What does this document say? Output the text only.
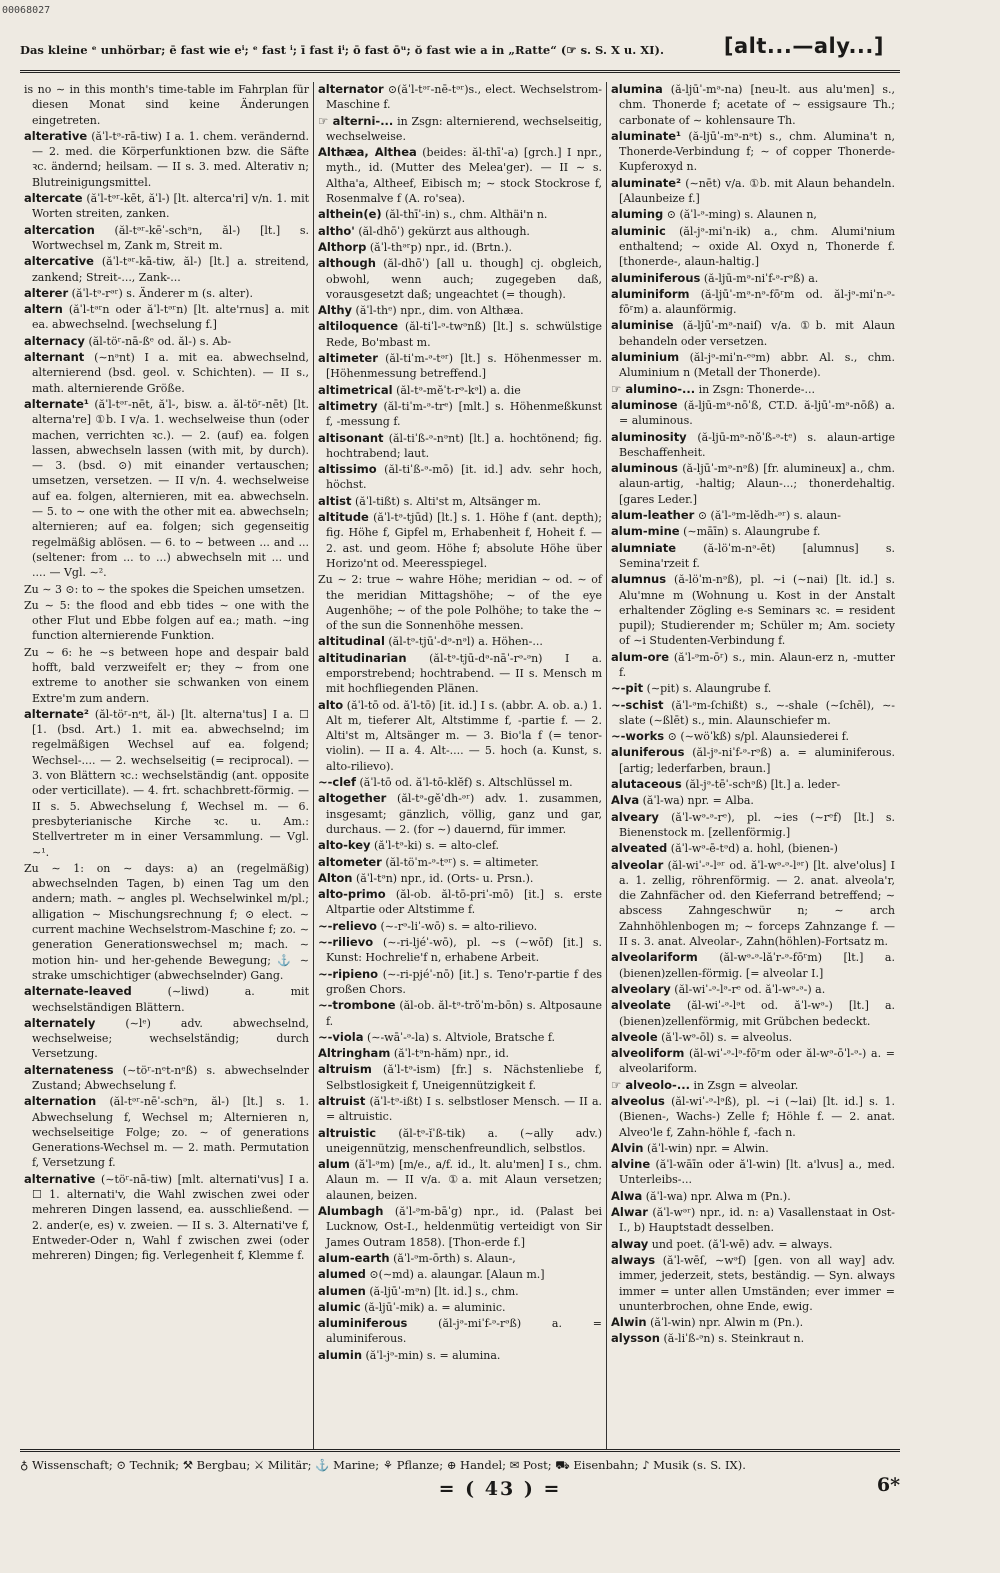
00068027
Das kleine ᵉ unhörbar; ē fast wie eⁱ; ᵉ fast ⁱ; ī fast iⁱ; ō fast ōᵘ; ŏ fast wie a in „Ratte“ (☞ s. S. X u. XI).	[alt...—aly...]
is no ∼ in this month's time-table im Fahrplan für diesen Monat sind keine Änderungen eingetreten.
alterative (ăˈl-tᵊ-rā-tiw) I a. 1. chem. verändernd. — 2. med. die Körperfunktionen bzw. die Säfte ꝛc. ändernd; heilsam. — II s. 3. med. Alterativ n; Blutreinigungsmittel.
altercate (ăˈl-tᵊʳ-kēt, ăˈl-) [lt. alterca'ri] v/n. 1. mit Worten streiten, zanken.
altercation (ăl-tᵊʳ-kēˈ-schᵊn, ăl-) [lt.] s. Wortwechsel m, Zank m, Streit m.
altercative (ăˈl-tᵊʳ-kā-tiw, ăl-) [lt.] a. streitend, zankend; Streit-..., Zank-...
alterer (ăˈl-tᵊ-rᵊʳ) s. Änderer m (s. alter).
altern (ăˈl-tᵊʳn oder ăˈl-tᵊʳn) [lt. alte'rnus] a. mit ea. abwechselnd. [wechselung f.]
alternacy (ăl-töʳ-nā-ßᵉ od. ăl-) s. Ab-
alternant (∼nᵊnt) I a. mit ea. abwechselnd, alternierend (bsd. geol. v. Schichten). — II s., math. alternierende Größe.
alternate¹ (ăˈl-tᵊʳ-nēt, ăˈl-, bisw. a. ăl-töʳ-nēt) [lt. alterna're] ①b. I v/a. 1. wechselweise thun (oder machen, verrichten ꝛc.). — 2. (auf) ea. folgen lassen, abwechseln lassen (with mit, by durch). — 3. (bsd. ⊙) mit einander vertauschen; umsetzen, versetzen. — II v/n. 4. wechselweise auf ea. folgen, alternieren, mit ea. abwechseln. — 5. to ∼ one with the other mit ea. abwechseln; alternieren; auf ea. folgen; sich gegenseitig regelmäßig ablösen. — 6. to ∼ between ... and ... (seltener: from ... to ...) abwechseln mit ... und .... — Vgl. ∼².
Zu ∼ 3 ⊙: to ∼ the spokes die Speichen umsetzen.
Zu ∼ 5: the flood and ebb tides ∼ one with the other Flut und Ebbe folgen auf ea.; math. ∼ing function alternierende Funktion.
Zu ∼ 6: he ∼s between hope and despair bald hofft, bald verzweifelt er; they ∼ from one extreme to another sie schwanken von einem Extre'm zum andern.
alternate² (ăl-töʳ-nᵉt, ăl-) [lt. alterna'tus] I a. ☐ [1. (bsd. Art.) 1. mit ea. abwechselnd; im regelmäßigen Wechsel auf ea. folgend; Wechsel-.... — 2. wechselseitig (= reciprocal). — 3. von Blättern ꝛc.: wechselständig (ant. opposite oder verticillate). — 4. frt. schachbrett-förmig. — II s. 5. Abwechselung f, Wechsel m. — 6. presbyterianische Kirche ꝛc. u. Am.: Stellvertreter m in einer Versammlung. — Vgl. ∼¹.
Zu ∼ 1: on ∼ days: a) an (regelmäßig) abwechselnden Tagen, b) einen Tag um den andern; math. ∼ angles pl. Wechselwinkel m/pl.; alligation ∼ Mischungsrechnung f; ⊙ elect. ∼ current machine Wechselstrom-Maschine f; zo. ∼ generation Generationswechsel m; mach. ∼ motion hin- und her-gehende Bewegung; ⚓ ∼ strake umschichtiger (abwechselnder) Gang.
alternate-leaved	(∼liwd) a. mit wechselständigen Blättern.
alternately	(∼lᵉ) adv. abwechselnd, wechselweise; wechselständig; durch Versetzung.
alternateness (∼töʳ-nᵉt-nᵉß) s. abwechselnder Zustand; Abwechselung f.
alternation (ăl-tᵊʳ-nēˈ-schᵊn, ăl-) [lt.] s. 1. Abwechselung f, Wechsel m; Alternieren n, wechselseitige Folge; zo. ∼ of generations Generations-Wechsel m. — 2. math. Permutation f, Versetzung f.
alternative (∼töʳ-nā-tiw) [mlt. alternati'vus] I a. ☐ 1. alternati'v, die Wahl zwischen zwei oder mehreren Dingen lassend, ea. ausschließend. — 2. ander(e, es) v. zweien. — II s. 3. Alternati've f, Entweder-Oder n, Wahl f zwischen zwei (oder mehreren) Dingen; fig. Verlegenheit f, Klemme f.
alternator ⊙(ăˈl-tᵊʳ-nē-tᵊʳ)s., elect. Wechselstrom-Maschine f.
☞ alterni-... in Zsgn: alternierend, wechselseitig, wechselweise.
Althæa, Althea (beides: ăl-thīˈ-a) [grch.] I npr., myth., id. (Mutter des Melea'ger). — II ∼ s. Altha'a, Altheef, Eibisch m; ∼ stock Stockrose f, Rosenmalve f (A. ro'sea).
althein(e) (ăl-thīˈ-in) s., chm. Althäi'n n.
altho' (ăl-dhōˈ) gekürzt aus although.
Althorp (ăˈl-thᵊʳp) npr., id. (Brtn.).
although (ăl-dhōˈ) [all u. though] cj. obgleich, obwohl, wenn auch; zugegeben daß, vorausgesetzt daß; ungeachtet (= though).
Althy (ăˈl-thᵉ) npr., dim. von Althæa.
altiloquence (ăl-tiˈl-ᵊ-twᵊnß) [lt.] s. schwülstige Rede, Bo'mbast m.
altimeter (ăl-tiˈm-ᵊ-tᵊʳ) [lt.] s. Höhenmesser m. [Höhenmessung betreffend.]
altimetrical (ăl-tᵊ-mĕˈt-rᵊ-kᵊl) a. die
altimetry (ăl-tiˈm-ᵊ-trᵉ) [mlt.] s. Höhenmeßkunst f, -messung f.
altisonant (ăl-tiˈß-ᵊ-nᵊnt) [lt.] a. hochtönend; fig. hochtrabend; laut.
altissimo (ăl-tiˈß-ᵊ-mō) [it. id.] adv. sehr hoch, höchst.
altist (ăˈl-tißt) s. Alti'st m, Altsänger m.
altitude (ăˈl-tᵊ-tjūd) [lt.] s. 1. Höhe f (ant. depth); fig. Höhe f, Gipfel m, Erhabenheit f, Hoheit f. — 2. ast. und geom. Höhe f; absolute Höhe über Horizo'nt od. Meeresspiegel.
Zu ∼ 2: true ∼ wahre Höhe; meridian ∼ od. ∼ of the meridian Mittagshöhe; ∼ of the eye Augenhöhe; ∼ of the pole Polhöhe; to take the ∼ of the sun die Sonnenhöhe messen.
altitudinal (ăl-tᵊ-tjūˈ-dᵊ-nᵊl) a. Höhen-...
altitudinarian (ăl-tᵊ-tjū-dᵊ-nāˈ-rᵊ-ᵊn) I a. emporstrebend; hochtrabend. — II s. Mensch m mit hochfliegenden Plänen.
alto (ăˈl-tō od. ăˈl-tō) [it. id.] I s. (abbr. A. ob. a.) 1. Alt m, tieferer Alt, Altstimme f, -partie f. — 2. Alti'st m, Altsänger m. — 3. Bio'la f (= tenor-violin). — II a. 4. Alt-.... — 5. hoch (a. Kunst, s. alto-rilievo).
∼-clef (ăˈl-tō od. ăˈl-tō-klĕf) s. Altschlüssel m.
altogether (ăl-tᵊ-gĕˈdh-ᵊʳ) adv. 1. zusammen, insgesamt; gänzlich, völlig, ganz und gar, durchaus. — 2. (for ∼) dauernd, für immer.
alto-key (ăˈl-tᵊ-ki) s. = alto-clef.
altometer (ăl-töˈm-ᵊ-tᵊʳ) s. = altimeter.
Alton (ăˈl-tᵊn) npr., id. (Orts- u. Prsn.).
alto-primo (ăl-ob. ăl-tō-priˈ-mō) [it.] s. erste Altpartie oder Altstimme f.
∼-relievo (∼-rᵊ-liˈ-wō) s. = alto-rilievo.
∼-rilievo (∼-ri-ljéˈ-wō), pl. ∼s (∼wōf) [it.] s. Kunst: Hochrelie'f n, erhabene Arbeit.
∼-ripieno (∼-ri-pjéˈ-nō) [it.] s. Teno'r-partie f des großen Chors.
∼-trombone (ăl-ob. ăl-tᵊ-trŏˈm-bōn) s. Altposaune f.
∼-viola (∼-wāˈ-ᵊ-la) s. Altviole, Bratsche f.
Altringham (ăˈl-tᵊn-hăm) npr., id.
altruism (ăˈl-tᵊ-ism) [fr.] s. Nächstenliebe f, Selbstlosigkeit f, Uneigennützigkeit f.
altruist (ăˈl-tᵊ-ißt) I s. selbstloser Mensch. — II a. = altruistic.
altruistic (ăl-tᵊ-ĭˈß-tik) a. (∼ally adv.) uneigennützig, menschenfreundlich, selbstlos.
alum (ăˈl-ᵊm) [m/e., a/f. id., lt. alu'men] I s., chm. Alaun m. — II v/a. ①a. mit Alaun versetzen; alaunen, beizen.
Alumbagh (ăˈl-ᵊm-bāˈg) npr., id. (Palast bei Lucknow, Ost-I., heldenmütig verteidigt von Sir James Outram 1858). [Thon-erde f.]
alum-earth (ăˈl-ᵊm-ōrth) s. Alaun-,
alumed ⊙(∼md) a. alaungar. [Alaun m.]
alumen (ă-ljūˈ-mᵊn) [lt. id.] s., chm.
alumic (ă-ljūˈ-mik) a. = aluminic.
aluminiferous	(ăl-jᵊ-miˈf-ᵊ-rᵊß) a. = aluminiferous.
alumin (ăˈl-jᵊ-min) s. = alumina.
alumina (ă-ljūˈ-mᵊ-na) [neu-lt. aus alu'men] s., chm. Thonerde f; acetate of ∼ essigsaure Th.; carbonate of ∼ kohlensaure Th.
aluminate¹ (ă-ljūˈ-mᵊ-nᵊt) s., chm. Alumina't n, Thonerde-Verbindung f; ∼ of copper Thonerde-Kupferoxyd n.
aluminate² (∼nēt) v/a. ①b. mit Alaun behandeln. [Alaunbeize f.]
aluming ⊙ (ăˈl-ᵊ-ming) s. Alaunen n,
aluminic (ăl-jᵊ-miˈn-ik) a., chm. Alumi'nium enthaltend; ∼ oxide Al. Oxyd n, Thonerde f. [thonerde-, alaun-haltig.]
aluminiferous (ă-ljū-mᵊ-niˈf-ᵊ-rᵊß) a.
aluminiform (ă-ljūˈ-mᵊ-nᵊ-fōʳm od. ăl-jᵊ-miˈn-ᵊ-fōʳm) a. alaunförmig.
aluminise (ă-ljūˈ-mᵊ-naiſ) v/a. ①b. mit Alaun behandeln oder versetzen.
aluminium (ăl-jᵊ-miˈn-ᵉᵊm) abbr. Al. s., chm. Aluminium n (Metall der Thonerde).
☞ alumino-... in Zsgn: Thonerde-...
aluminose (ă-ljū-mᵊ-nōˈß, CT.D. ă-ljūˈ-mᵊ-nōß) a. = aluminous.
aluminosity (ă-ljū-mᵊ-nŏˈß-ᵊ-tᵉ) s. alaun-artige Beschaffenheit.
aluminous (ă-ljūˈ-mᵊ-nᵊß) [fr. alumineux] a., chm. alaun-artig, -haltig; Alaun-...; thonerdehaltig. [gares Leder.]
alum-leather ⊙ (ăˈl-ᵊm-lĕdh-ᵊʳ) s. alaun-
alum-mine (∼māīn) s. Alaungrube f.
alumniate (ă-löˈm-nᵊ-ēt) [alumnus] s. Semina'rzeit f.
alumnus (ă-löˈm-nᵊß), pl. ∼i (∼nai) [lt. id.] s. Alu'mne m (Wohnung u. Kost in der Anstalt erhaltender Zögling e-s Seminars ꝛc. = resident pupil); Studierender m; Schüler m; Am. society of ∼i Studenten-Verbindung f.
alum-ore (ăˈl-ᵊm-ōʳ) s., min. Alaun-erz n, -mutter f.
∼-pit (∼pit) s. Alaungrube f.
∼-schist (ăˈl-ᵊm-ſchißt) s., ∼-shale (∼ſchēl), ∼-slate (∼ßlēt) s., min. Alaunschiefer m.
∼-works ⊙ (∼wöˈkß) s/pl. Alaunsiederei f.
aluniferous (ăl-jᵊ-niˈf-ᵊ-rᵊß) a. = aluminiferous. [artig; lederfarben, braun.]
alutaceous (ăl-jᵊ-tēˈ-schᵊß) [lt.] a. leder-
Alva (ăˈl-wa) npr. = Alba.
alveary (ăˈl-wᵊ-ᵊ-rᵉ), pl. ∼ies (∼rᵉf) [lt.] s. Bienenstock m. [zellenförmig.]
alveated (ăˈl-wᵊ-ē-tᵊd) a. hohl, (bienen-)
alveolar (ăl-wiˈ-ᵊ-lᵊʳ od. ăˈl-wᵊ-ᵊ-lᵊʳ) [lt. alve'olus] I a. 1. zellig, röhrenförmig. — 2. anat. alveola'r, die Zahnfächer od. den Kieferrand betreffend; ∼ abscess Zahngeschwür n; ∼ arch Zahnhöhlenbogen m; ∼ forceps Zahnzange f. — II s. 3. anat. Alveolar-, Zahn(höhlen)-Fortsatz m.
alveolariform (ăl-wᵊ-ᵊ-lăˈr-ᵊ-fōʳm) [lt.] a. (bienen)zellen-förmig. [= alveolar I.]
alveolary (ăl-wiˈ-ᵊ-lᵊ-rᵉ od. ăˈl-wᵊ-ᵊ-) a.
alveolate (ăl-wiˈ-ᵊ-lᵊt od. ăˈl-wᵊ-) [lt.] a. (bienen)zellenförmig, mit Grübchen bedeckt.
alveole (ăˈl-wᵊ-ōl) s. = alveolus.
alveoliform (ăl-wiˈ-ᵊ-lᵊ-fōʳm oder ăl-wᵊ-ōˈl-ᵊ-) a. = alveolariform.
☞ alveolo-... in Zsgn = alveolar.
alveolus (ăl-wiˈ-ᵊ-lᵊß), pl. ∼i (∼lai) [lt. id.] s. 1. (Bienen-, Wachs-) Zelle f; Höhle f. — 2. anat. Alveo'le f, Zahn-höhle f, -fach n.
Alvin (ăˈl-win) npr. = Alwin.
alvine (ăˈl-wāīn oder ăˈl-win) [lt. a'lvus] a., med. Unterleibs-...
Alwa (ăˈl-wa) npr. Alwa m (Pn.).
Alwar (ăˈl-wᵊʳ) npr., id. n: a) Vasallenstaat in Ost-I., b) Hauptstadt desselben.
alway und poet. (ăˈl-wē) adv. = always.
always (ăˈl-wēſ, ∼wᵊſ) [gen. von all way] adv. immer, jederzeit, stets, beständig. — Syn. always immer = unter allen Umständen; ever immer = ununterbrochen, ohne Ende, ewig.
Alwin (ăˈl-win) npr. Alwin m (Pn.).
alysson (ă-liˈß-ᵊn) s. Steinkraut n.
♁ Wissenschaft; ⊙ Technik; ⚒ Bergbau; ⚔ Militär; ⚓ Marine; ⚘ Pflanze; ⊕ Handel; ✉ Post; ⛟ Eisenbahn; ♪ Musik (s. S. IX).
= ( 43 ) =	6*
